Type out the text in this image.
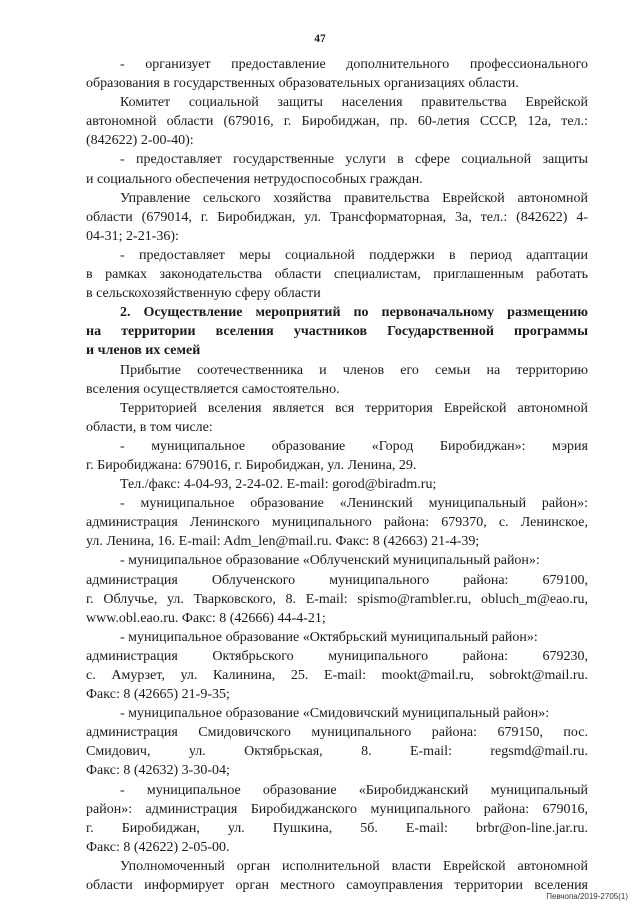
47
- организует предоставление дополнительного профессионального
образования в государственных образовательных организациях области.
Комитет социальной защиты населения правительства Еврейской
автономной области (679016, г. Биробиджан, пр. 60-летия СССР, 12а, тел.:
(842622) 2-00-40):
- предоставляет государственные услуги в сфере социальной защиты
и социального обеспечения нетрудоспособных граждан.
Управление сельского хозяйства правительства Еврейской автономной
области (679014, г. Биробиджан, ул. Трансформаторная, 3а, тел.: (842622) 4-
04-31; 2-21-36):
- предоставляет меры социальной поддержки в период адаптации
в рамках законодательства области специалистам, приглашенным работать
в сельскохозяйственную сферу области
2. Осуществление мероприятий по первоначальному размещению
на территории вселения участников Государственной программы
и членов их семей
Прибытие соотечественника и членов его семьи на территорию
вселения осуществляется самостоятельно.
Территорией вселения является вся территория Еврейской автономной
области, в том числе:
- муниципальное образование «Город Биробиджан»: мэрия
г. Биробиджана: 679016, г. Биробиджан, ул. Ленина, 29.
Тел./факс: 4-04-93, 2-24-02. E-mail: gorod@biradm.ru;
- муниципальное образование «Ленинский муниципальный район»:
администрация Ленинского муниципального района: 679370, с. Ленинское,
ул. Ленина, 16. E-mail: Adm_len@mail.ru. Факс: 8 (42663) 21-4-39;
- муниципальное образование «Облученский муниципальный район»:
администрация Облученского муниципального района: 679100,
г. Облучье, ул. Тварковского, 8. E-mail: spismo@rambler.ru, obluch_m@eao.ru,
www.obl.eao.ru. Факс: 8 (42666) 44-4-21;
- муниципальное образование «Октябрьский муниципальный район»:
администрация Октябрьского муниципального района: 679230,
с. Амурзет, ул. Калинина, 25. E-mail: mookt@mail.ru, sobrokt@mail.ru.
Факс: 8 (42665) 21-9-35;
- муниципальное образование «Смидовичский муниципальный район»:
администрация Смидовичского муниципального района: 679150, пос.
Смидович, ул. Октябрьская, 8. E-mail: regsmd@mail.ru.
Факс: 8 (42632) 3-30-04;
- муниципальное образование «Биробиджанский муниципальный
район»: администрация Биробиджанского муниципального района: 679016,
г. Биробиджан, ул. Пушкина, 5б. E-mail: brbr@on-line.jar.ru.
Факс: 8 (42622) 2-05-00.
Уполномоченный орган исполнительной власти Еврейской автономной
области информирует орган местного самоуправления территории вселения
Пeвчoпa/2019-2705(1)
